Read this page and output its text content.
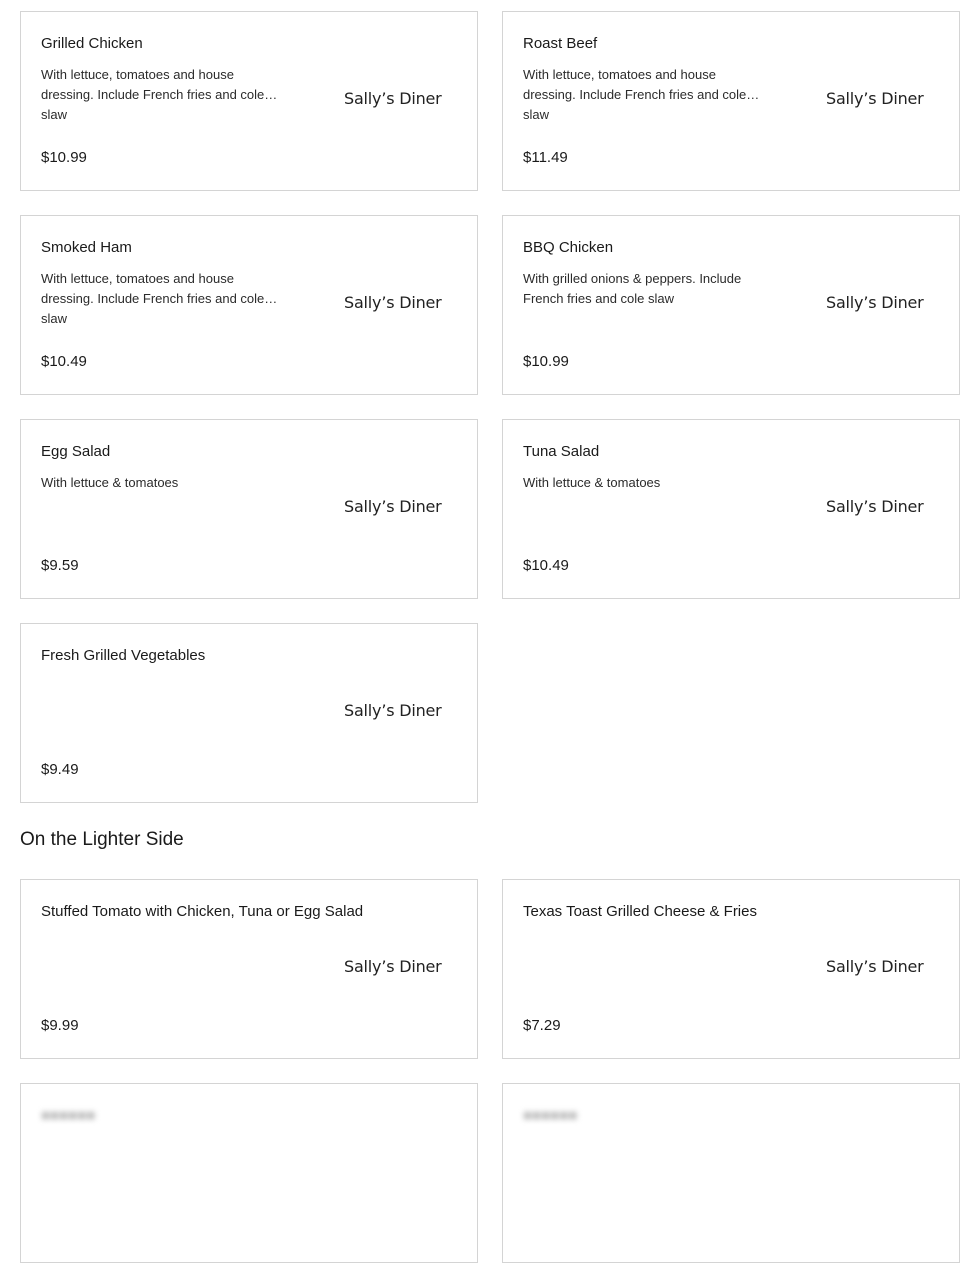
Grilled Chicken
With lettuce, tomatoes and house dressing. Include French fries and cole slaw
Sally’s Diner
$10.99
Roast Beef
With lettuce, tomatoes and house dressing. Include French fries and cole slaw
Sally’s Diner
$11.49
Smoked Ham
With lettuce, tomatoes and house dressing. Include French fries and cole slaw
Sally’s Diner
$10.49
BBQ Chicken
With grilled onions & peppers. Include French fries and cole slaw	Sally’s Diner
$10.99
Egg Salad
With lettuce & tomatoes
Sally’s Diner
$9.59
Tuna Salad
With lettuce & tomatoes
Sally’s Diner
$10.49
Fresh Grilled Vegetables
Sally’s Diner
$9.49
On the Lighter Side
Stuffed Tomato with Chicken, Tuna or Egg Salad
Sally’s Diner
$9.99
Texas Toast Grilled Cheese & Fries
Sally’s Diner
$7.29
■■■■■■	■■■■■■
